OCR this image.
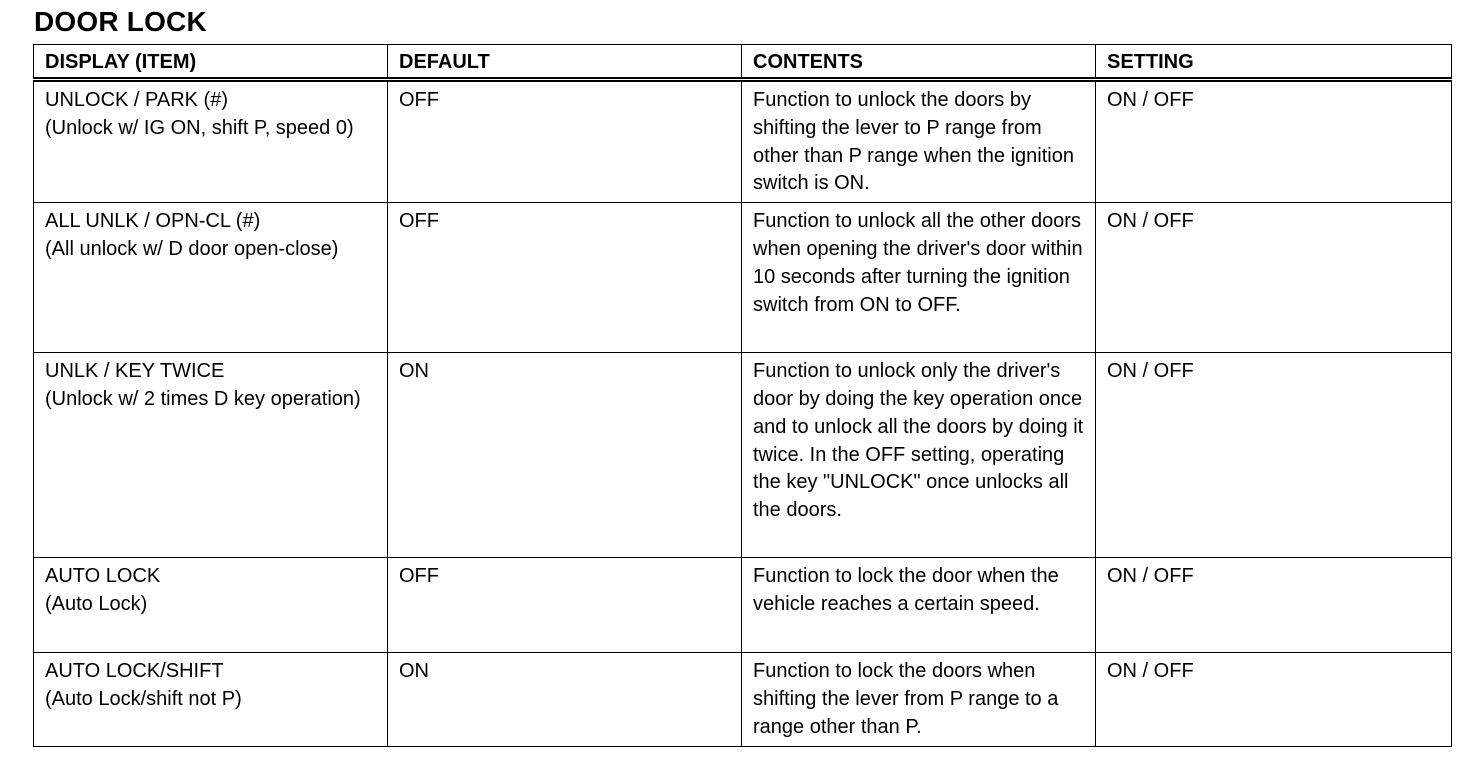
DOOR LOCK
DISPLAY (ITEM)	DEFAULT	CONTENTS	SETTING

UNLOCK / PARK (#)
(Unlock w/ IG ON, shift P, speed 0)	OFF	Function to unlock the doors by shifting the lever to P range from other than P range when the ignition switch is ON.	ON / OFF

ALL UNLK / OPN-CL (#)
(All unlock w/ D door open-close)	OFF	Function to unlock all the other doors when opening the driver's door within 10 seconds after turning the ignition switch from ON to OFF.	ON / OFF

UNLK / KEY TWICE
(Unlock w/ 2 times D key operation)	ON	Function to unlock only the driver's door by doing the key operation once and to unlock all the doors by doing it twice. In the OFF setting, operating the key "UNLOCK" once unlocks all the doors.	ON / OFF

AUTO LOCK
(Auto Lock)	OFF	Function to lock the door when the vehicle reaches a certain speed.	ON / OFF

AUTO LOCK/SHIFT
(Auto Lock/shift not P)	ON	Function to lock the doors when shifting the lever from P range to a range other than P.	ON / OFF
